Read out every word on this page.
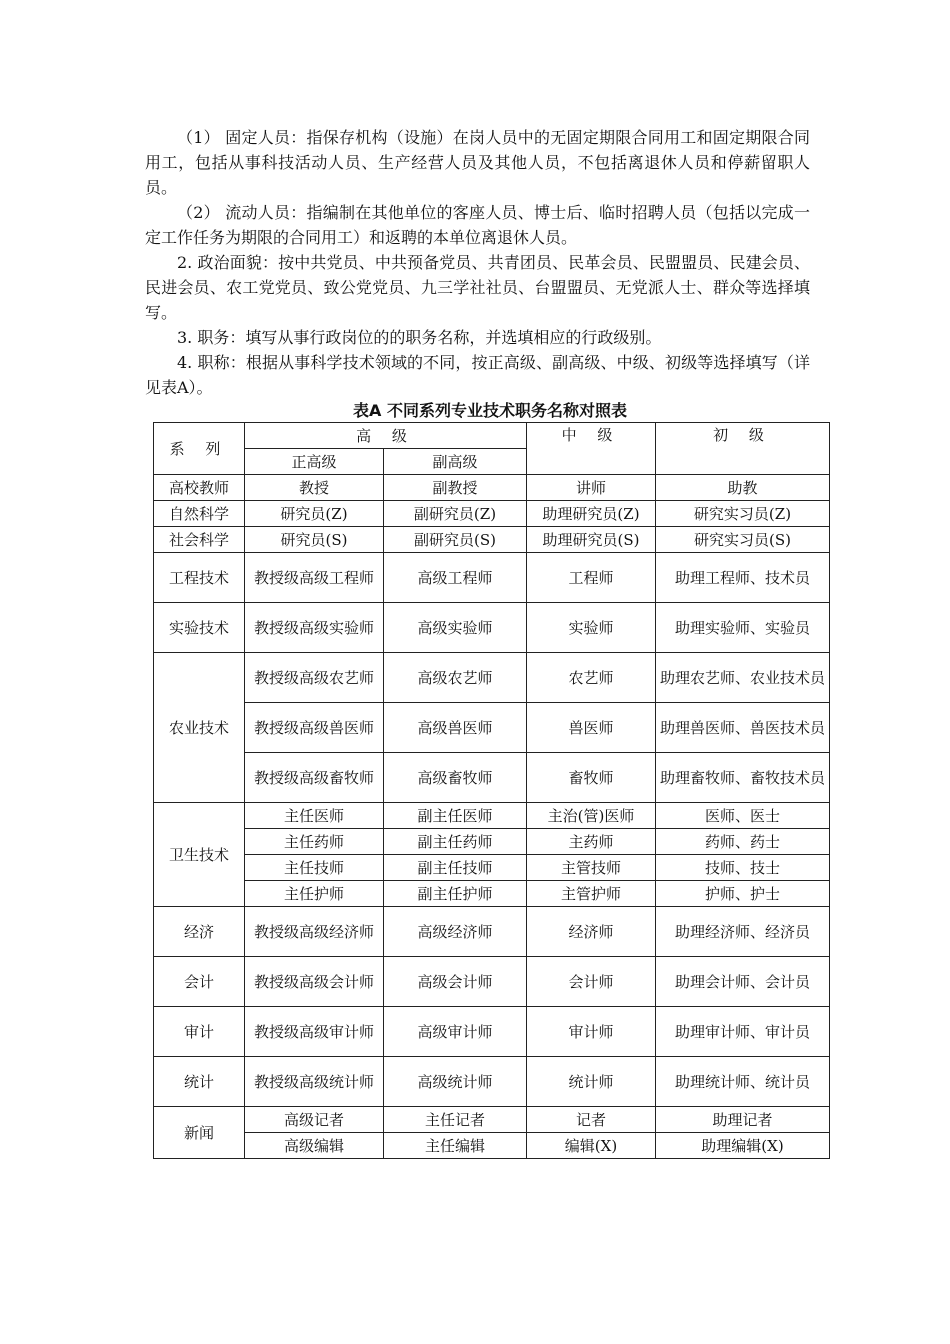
（1） 固定人员：指保存机构（设施）在岗人员中的无固定期限合同用工和固定期限合同用工，包括从事科技活动人员、生产经营人员及其他人员，不包括离退休人员和停薪留职人员。

（2） 流动人员：指编制在其他单位的客座人员、博士后、临时招聘人员（包括以完成一定工作任务为期限的合同用工）和返聘的本单位离退休人员。

2. 政治面貌：按中共党员、中共预备党员、共青团员、民革会员、民盟盟员、民建会员、民进会员、农工党党员、致公党党员、九三学社社员、台盟盟员、无党派人士、群众等选择填写。

3. 职务：填写从事行政岗位的的职务名称，并选填相应的行政级别。

4. 职称：根据从事科学技术领域的不同，按正高级、副高级、中级、初级等选择填写（详见表A）。

表A 不同系列专业技术职务名称对照表
系 列	高 级		中 级	初 级
	正高级	副高级		
高校教师	教授	副教授	讲师	助教
自然科学	研究员(Z)	副研究员(Z)	助理研究员(Z)	研究实习员(Z)
社会科学	研究员(S)	副研究员(S)	助理研究员(S)	研究实习员(S)
工程技术	教授级高级工程师	高级工程师	工程师	助理工程师、技术员
实验技术	教授级高级实验师	高级实验师	实验师	助理实验师、实验员
农业技术	教授级高级农艺师	高级农艺师	农艺师	助理农艺师、农业技术员
	教授级高级兽医师	高级兽医师	兽医师	助理兽医师、兽医技术员
	教授级高级畜牧师	高级畜牧师	畜牧师	助理畜牧师、畜牧技术员
卫生技术	主任医师	副主任医师	主治(管)医师	医师、医士
	主任药师	副主任药师	主药师	药师、药士
	主任技师	副主任技师	主管技师	技师、技士
	主任护师	副主任护师	主管护师	护师、护士
经济	教授级高级经济师	高级经济师	经济师	助理经济师、经济员
会计	教授级高级会计师	高级会计师	会计师	助理会计师、会计员
审计	教授级高级审计师	高级审计师	审计师	助理审计师、审计员
统计	教授级高级统计师	高级统计师	统计师	助理统计师、统计员
新闻	高级记者	主任记者	记者	助理记者
	高级编辑	主任编辑	编辑(X)	助理编辑(X)
